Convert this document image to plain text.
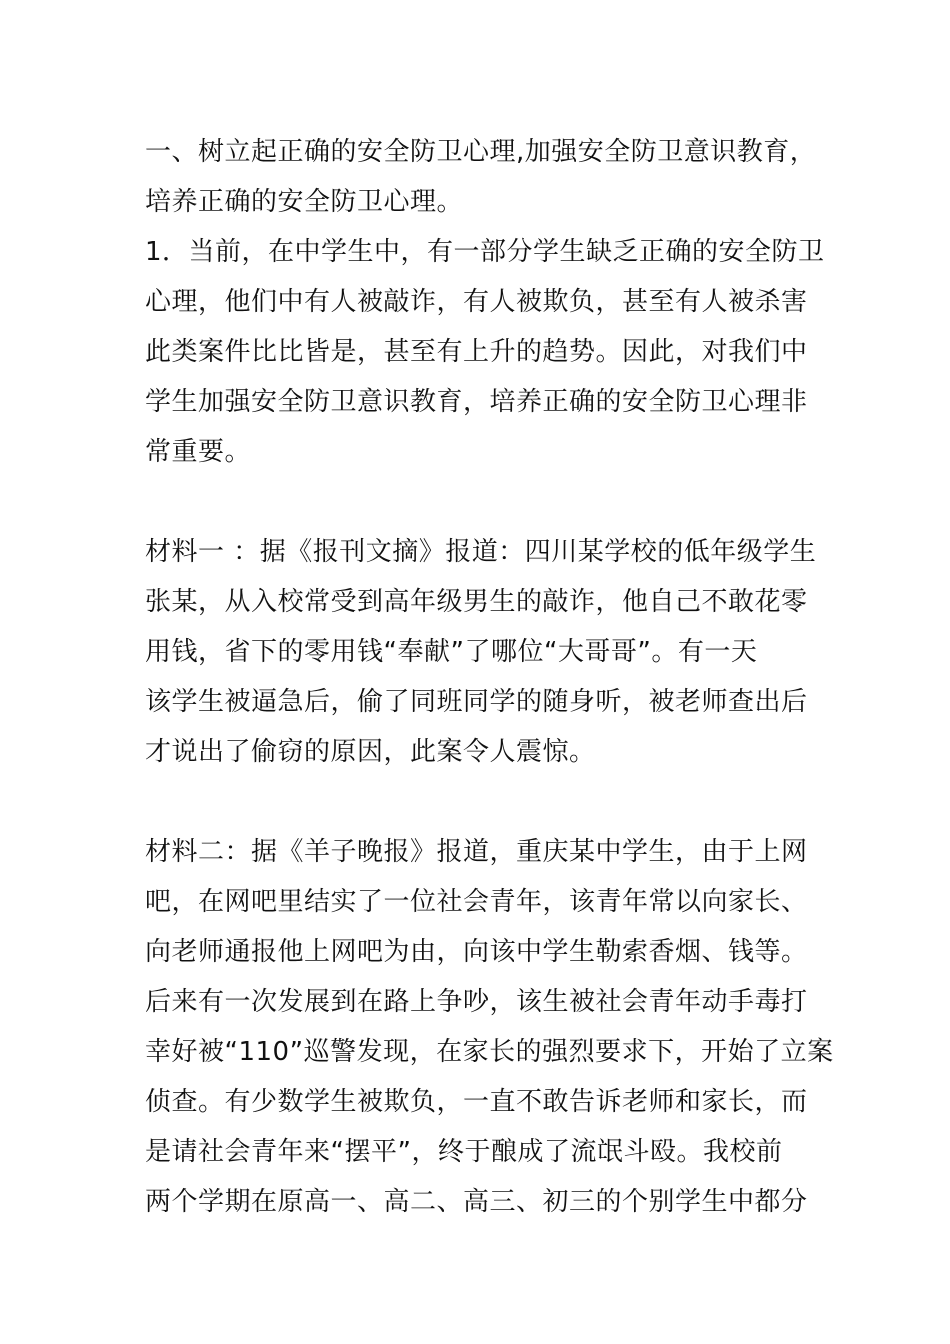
一、树立起正确的安全防卫心理,加强安全防卫意识教育，
培养正确的安全防卫心理。
1．当前，在中学生中，有一部分学生缺乏正确的安全防卫
心理，他们中有人被敲诈，有人被欺负，甚至有人被杀害
此类案件比比皆是，甚至有上升的趋势。因此，对我们中
学生加强安全防卫意识教育，培养正确的安全防卫心理非
常重要。
材料一 ：据《报刊文摘》报道：四川某学校的低年级学生
张某，从入校常受到高年级男生的敲诈，他自己不敢花零
用钱，省下的零用钱“奉献”了哪位“大哥哥”。有一天
该学生被逼急后，偷了同班同学的随身听，被老师查出后
才说出了偷窃的原因，此案令人震惊。
材料二：据《羊子晚报》报道，重庆某中学生，由于上网
吧，在网吧里结实了一位社会青年，该青年常以向家长、
向老师通报他上网吧为由，向该中学生勒索香烟、钱等。
后来有一次发展到在路上争吵，该生被社会青年动手毒打
幸好被“110”巡警发现，在家长的强烈要求下，开始了立案
侦查。有少数学生被欺负，一直不敢告诉老师和家长，而
是请社会青年来“摆平”，终于酿成了流氓斗殴。我校前
两个学期在原高一、高二、高三、初三的个别学生中都分
